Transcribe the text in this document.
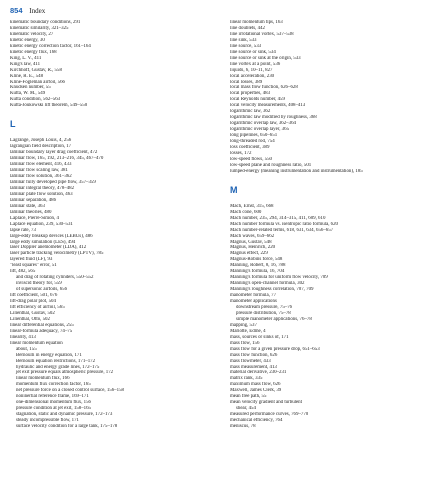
854 Index
kinematic boundary conditions, 291
kinematic similarity, 321–325
kinematic velocity, 27
kinetic energy, 30
kinetic energy correction factor, 161–164
kinetic energy flux, 168
King, L. V., 411
King's law, 411
Kirchhoff, Gustav, R., 558
Kline, R. E., 548
Kline-Fogleman airfoil, 566
Knudsen number, 55
Kutta, W. M., 549
Kutta condition, 562–563
Kutta-Joukowski lift theorem, 549–550
L
Lagrange, Joseph Louis, 4, 256
lagrangian field description, 17
laminar boundary layer drag coefficient, 472
laminar flow, 165, 192, 213–216, 345, 467–470
laminar flow element, 416, 433
laminar flow scaling law, 381
laminar flow solution, 361–362
laminar fully developed pipe flow, 357–359
laminar integral theory, 478–482
laminar plate flow solution, 463
laminar separation, 486
laminar state, 363
laminar theories, 480
Laplace, Pierre-Simon, 4
Laplace equation, 239, 530–531
lapse rate, 73
large-eddy breakup devices (LEBUs), 486
large eddy simulation (LES), 494
laser Doppler anemometer (LDA), 412
laser particle tracking velocimetry (LPTV), 785
layered fluid (LF), 93
"least squares" error, 51
lift, 482, 565
and drag of rotating cylinders, 550–552
inviscid theory for, 559
of supersonic airfoils, 656
lift coefficient, 501, 676
lift-drag polar plot, 504
lift efficiency of airfoil, 565
Lilienthal, Gustav, 502
Lilienthal, Otto, 502
linear differential equations, 255
linear-formula adequacy, 74–75
linearity, 413
linear momentum equation
about, 155
Bernoulli in energy equation, 171
Bernoulli equation restrictions, 171–172
hydraulic and energy grade lines, 172–175
jet exit pressure equals atmospheric pressure, 172
linear momentum flux, 166
momentum flux correction factor, 165
net pressure force on a closed control surface, 156–158
noninertial reference frame, 169–171
one-dimensional momentum flux, 156
pressure condition at jet exit, 158–165
stagnation, static and dynamic pressure, 172–173
steady incompressible flow, 171
surface velocity condition for a large tank, 175–178
linear momentum tips, 163
line doublets, 442
line irrotational vortex, 537–538
line sink, 533
line source, 533
line source or sink, 534
line source or sink at the origin, 533
line vortex at a point, 536
liquids, 6, 10–11, 827
local acceleration, 230
local losses, 389
local mass flow function, 626–628
local properties, 483
local Reynolds number, 459
local velocity measurements, 408–413
logarithmic law, 362
logarithmic law modified by roughness, 368
logarithmic overlap law, 362–364
logarithmic overlap layer, 365
long pipelines, 650–651
long-threaded rod, 754
loss coefficient, 389
losses, 172
low-speed flows, 550
low-speed plane and roughness ratio, 501
lumped-energy (meaning instrumentation and instrumentation), 185
M
Mach, Ernst, 315, 668
Mach cone, 600
Mach number, 235, 294, 314–315, 411, 609, 610
Mach number formula vs. isentropic ratio formula, 620
Mach number-related terms, 618, 631, 634, 656–657
Mach waves, 659–662
Magnus, Gustav, 548
Magnus, Heinrich, 220
Magnus effect, 229
Magnus-Robins force, 548
Manning, Robert, 8, 16, 788
Manning's formula, 16, 704
Manning's formula for uniform flow velocity, 709
Manning's open-channel formula, 302
Manning's roughness correlation, 707, 709
manometer formula, 77
manometer applications
downstream pressure, 75–76
pressure distribution, 75–78
simple manometer applications, 76–78
mapping, 537
Mariotte, Edme, 4
mass, sources or sinks of, 171
mass flow, 156
mass flow for a given pressure drop, 651–653
mass flow function, 626
mass flowmeter, 433
mass measurement, 413
material derivative, 230–231
matrix rank, 335
maximum mass flow, 626
Maxwell, James Clerk, 39
mean free path, 55
mean velocity gradient and turbulent
shear, 454
measured performance curves, 769–770
mechanical efficiency, 764
meniscus, 78
